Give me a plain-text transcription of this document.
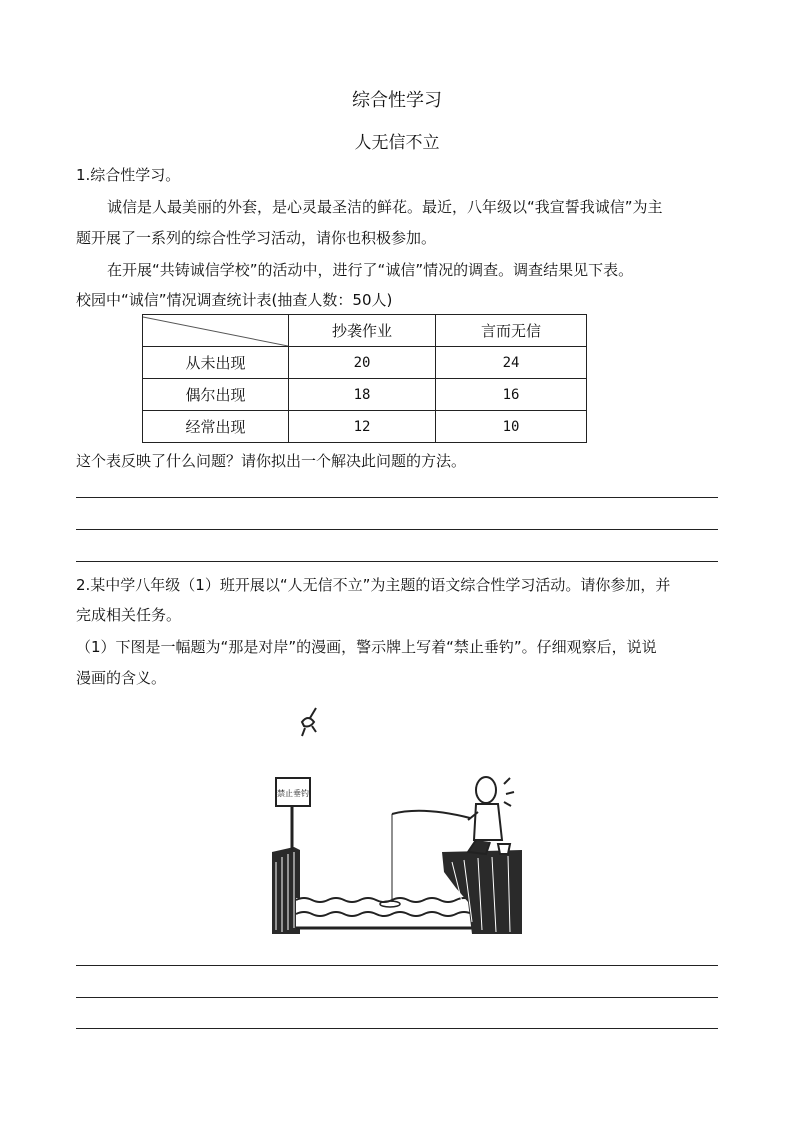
综合性学习
人无信不立
1.综合性学习。
诚信是人最美丽的外套，是心灵最圣洁的鲜花。最近，八年级以“我宣誓我诚信”为主
题开展了一系列的综合性学习活动，请你也积极参加。
在开展“共铸诚信学校”的活动中，进行了“诚信”情况的调查。调查结果见下表。
校园中“诚信”情况调查统计表(抽查人数：50人)
	抄袭作业	言而无信
从未出现	20	24
偶尔出现	18	16
经常出现	12	10
这个表反映了什么问题？请你拟出一个解决此问题的方法。
2.某中学八年级（1）班开展以“人无信不立”为主题的语文综合性学习活动。请你参加，并
完成相关任务。
（1）下图是一幅题为“那是对岸”的漫画，警示牌上写着“禁止垂钓”。仔细观察后，说说
漫画的含义。
禁止垂钓
